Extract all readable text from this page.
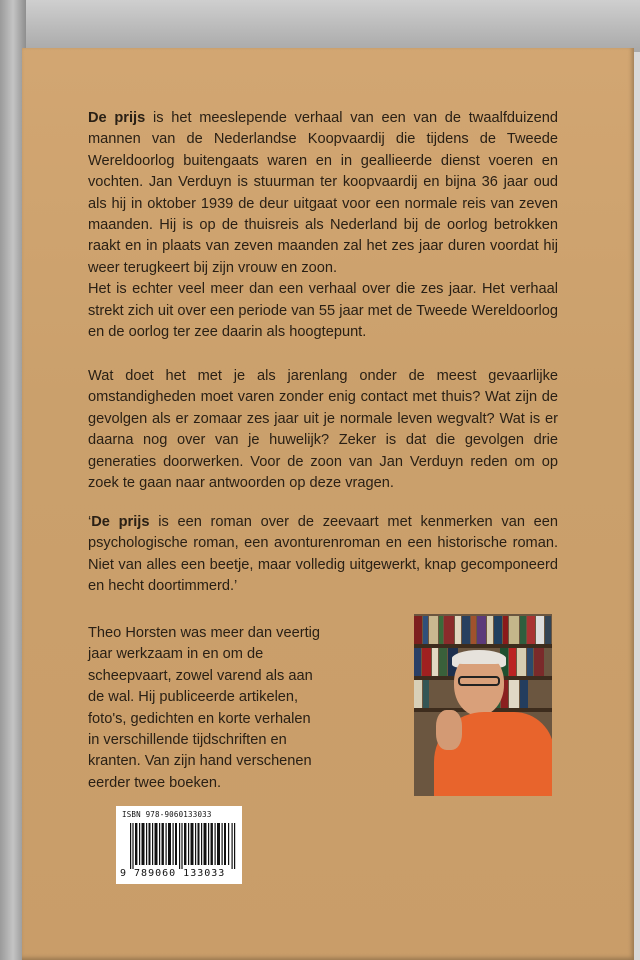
De prijs is het meeslepende verhaal van een van de twaalfduizend mannen van de Nederlandse Koopvaardij die tijdens de Tweede Wereldoorlog buitengaats waren en in geallieerde dienst voeren en vochten. Jan Verduyn is stuurman ter koopvaardij en bijna 36 jaar oud als hij in oktober 1939 de deur uitgaat voor een normale reis van zeven maanden. Hij is op de thuisreis als Nederland bij de oorlog betrokken raakt en in plaats van zeven maanden zal het zes jaar duren voordat hij weer terugkeert bij zijn vrouw en zoon.
Het is echter veel meer dan een verhaal over die zes jaar. Het verhaal strekt zich uit over een periode van 55 jaar met de Tweede Wereldoorlog en de oorlog ter zee daarin als hoogtepunt.

Wat doet het met je als jarenlang onder de meest gevaarlijke omstandigheden moet varen zonder enig contact met thuis? Wat zijn de gevolgen als er zomaar zes jaar uit je normale leven wegvalt? Wat is er daarna nog over van je huwelijk? Zeker is dat die gevolgen drie generaties doorwerken. Voor de zoon van Jan Verduyn reden om op zoek te gaan naar antwoorden op deze vragen.

‘De prijs is een roman over de zeevaart met kenmerken van een psychologische roman, een avonturenroman en een historische roman. Niet van alles een beetje, maar volledig uitgewerkt, knap gecomponeerd en hecht doortimmerd.’

Theo Horsten was meer dan veertig jaar werkzaam in en om de scheepvaart, zowel varend als aan de wal. Hij publiceerde artikelen, foto's, gedichten en korte verhalen in verschillende tijdschriften en kranten. Van zijn hand verschenen eerder twee boeken.

ISBN 978-9060133033
9 789060 133033
